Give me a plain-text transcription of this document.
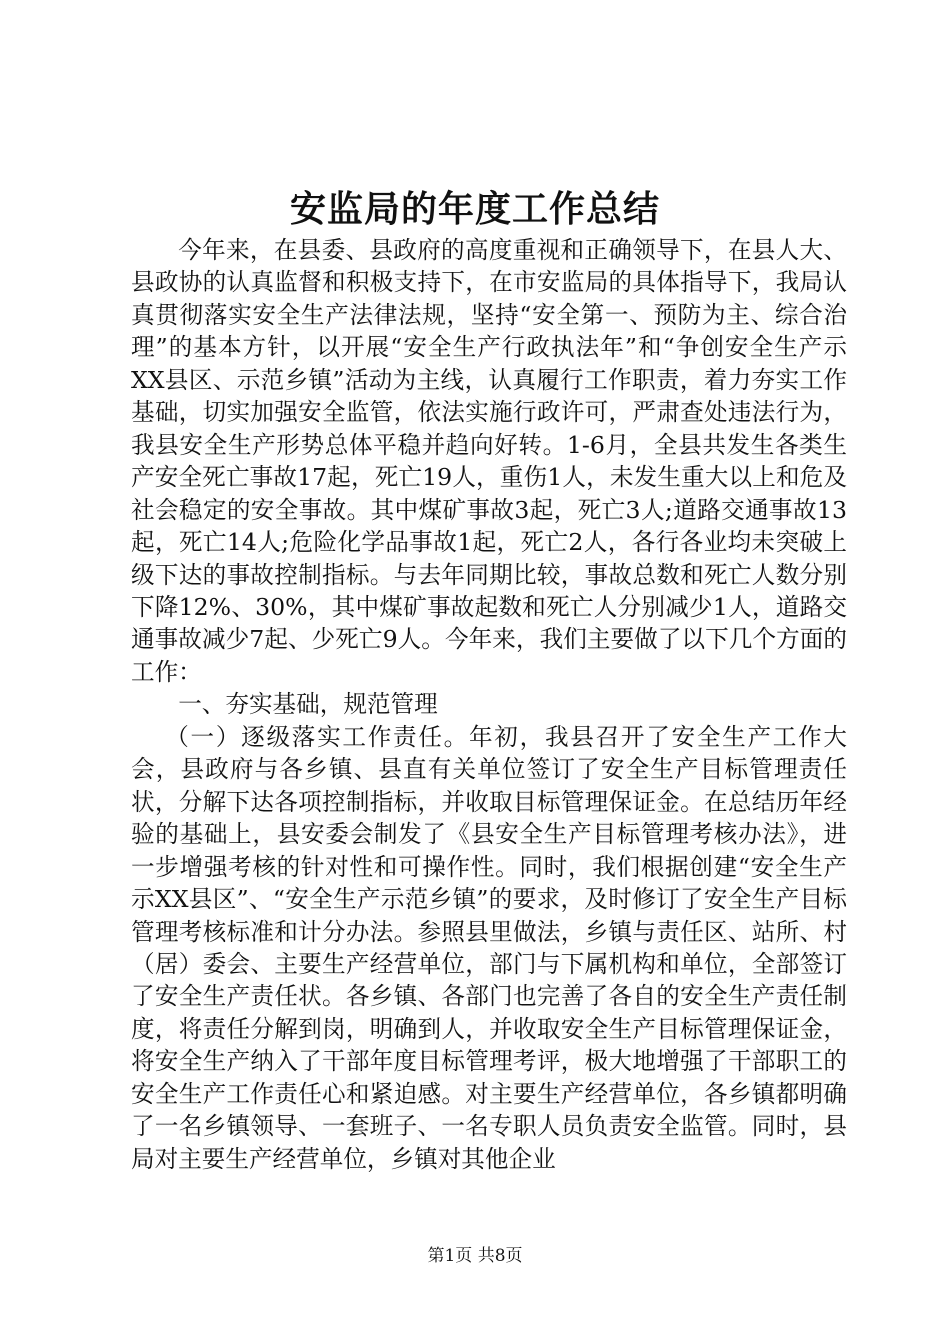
安监局的年度工作总结

今年来，在县委、县政府的高度重视和正确领导下，在县人大、县政协的认真监督和积极支持下，在市安监局的具体指导下，我局认真贯彻落实安全生产法律法规，坚持“安全第一、预防为主、综合治理”的基本方针，以开展“安全生产行政执法年”和“争创安全生产示XX县区、示范乡镇”活动为主线，认真履行工作职责，着力夯实工作基础，切实加强安全监管，依法实施行政许可，严肃查处违法行为，我县安全生产形势总体平稳并趋向好转。1-6月，全县共发生各类生产安全死亡事故17起，死亡19人，重伤1人，未发生重大以上和危及社会稳定的安全事故。其中煤矿事故3起，死亡3人;道路交通事故13起，死亡14人;危险化学品事故1起，死亡2人，各行各业均未突破上级下达的事故控制指标。与去年同期比较，事故总数和死亡人数分别下降12%、30%，其中煤矿事故起数和死亡人分别减少1人，道路交通事故减少7起、少死亡9人。今年来，我们主要做了以下几个方面的工作：

一、夯实基础，规范管理

（一）逐级落实工作责任。年初，我县召开了安全生产工作大会，县政府与各乡镇、县直有关单位签订了安全生产目标管理责任状，分解下达各项控制指标，并收取目标管理保证金。在总结历年经验的基础上，县安委会制发了《县安全生产目标管理考核办法》，进一步增强考核的针对性和可操作性。同时，我们根据创建“安全生产示XX县区”、“安全生产示范乡镇”的要求，及时修订了安全生产目标管理考核标准和计分办法。参照县里做法，乡镇与责任区、站所、村（居）委会、主要生产经营单位，部门与下属机构和单位，全部签订了安全生产责任状。各乡镇、各部门也完善了各自的安全生产责任制度，将责任分解到岗，明确到人，并收取安全生产目标管理保证金，将安全生产纳入了干部年度目标管理考评，极大地增强了干部职工的安全生产工作责任心和紧迫感。对主要生产经营单位，各乡镇都明确了一名乡镇领导、一套班子、一名专职人员负责安全监管。同时，县局对主要生产经营单位，乡镇对其他企业

第1页 共8页
